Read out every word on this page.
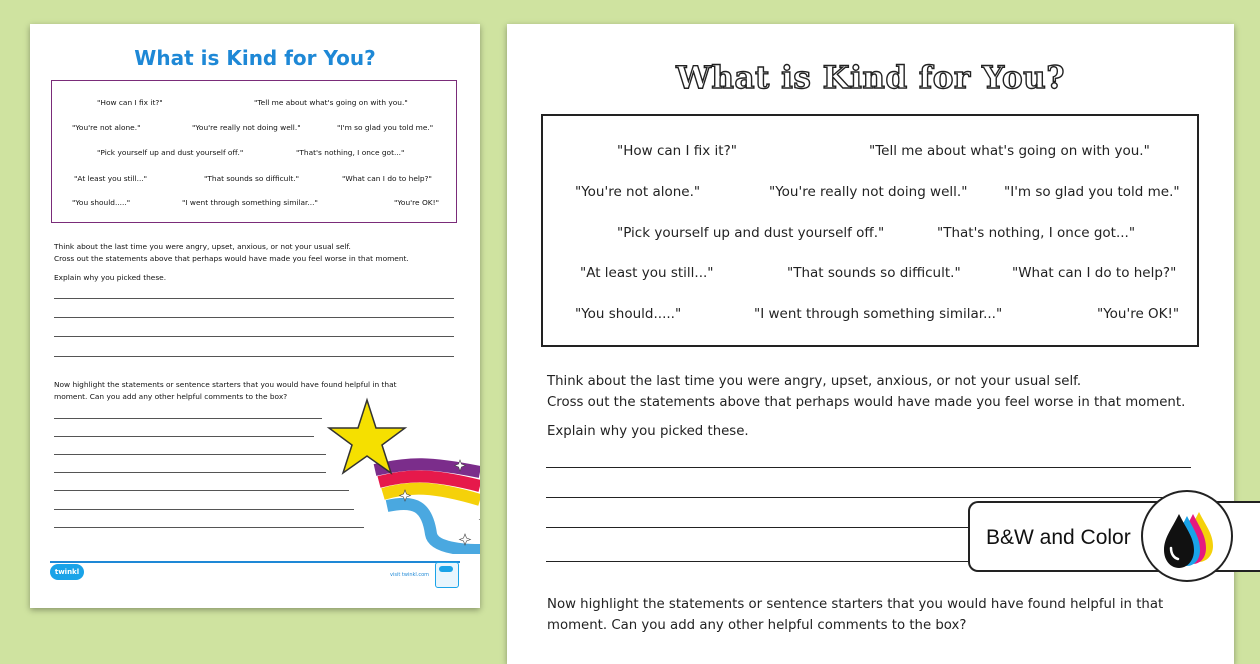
What is Kind for You?
"How can I fix it?"	"Tell me about what's going on with you."
"You're not alone."	"You're really not doing well."	"I'm so glad you told me."
"Pick yourself up and dust yourself off."	"That's nothing, I once got..."
"At least you still..."	"That sounds so difficult."	"What can I do to help?"
"You should....."	"I went through something similar..."	"You're OK!"
Think about the last time you were angry, upset, anxious, or not your usual self.
Cross out the statements above that perhaps would have made you feel worse in that moment.
Explain why you picked these.
Now highlight the statements or sentence starters that you would have found helpful in that
moment. Can you add any other helpful comments to the box?
twinkl	visit twinkl.com
What is Kind for You?
"How can I fix it?"	"Tell me about what's going on with you."
"You're not alone."	"You're really not doing well."	"I'm so glad you told me."
"Pick yourself up and dust yourself off."	"That's nothing, I once got..."
"At least you still..."	"That sounds so difficult."	"What can I do to help?"
"You should....."	"I went through something similar..."	"You're OK!"
Think about the last time you were angry, upset, anxious, or not your usual self.
Cross out the statements above that perhaps would have made you feel worse in that moment.
Explain why you picked these.
Now highlight the statements or sentence starters that you would have found helpful in that
moment. Can you add any other helpful comments to the box?
B&W and Color
